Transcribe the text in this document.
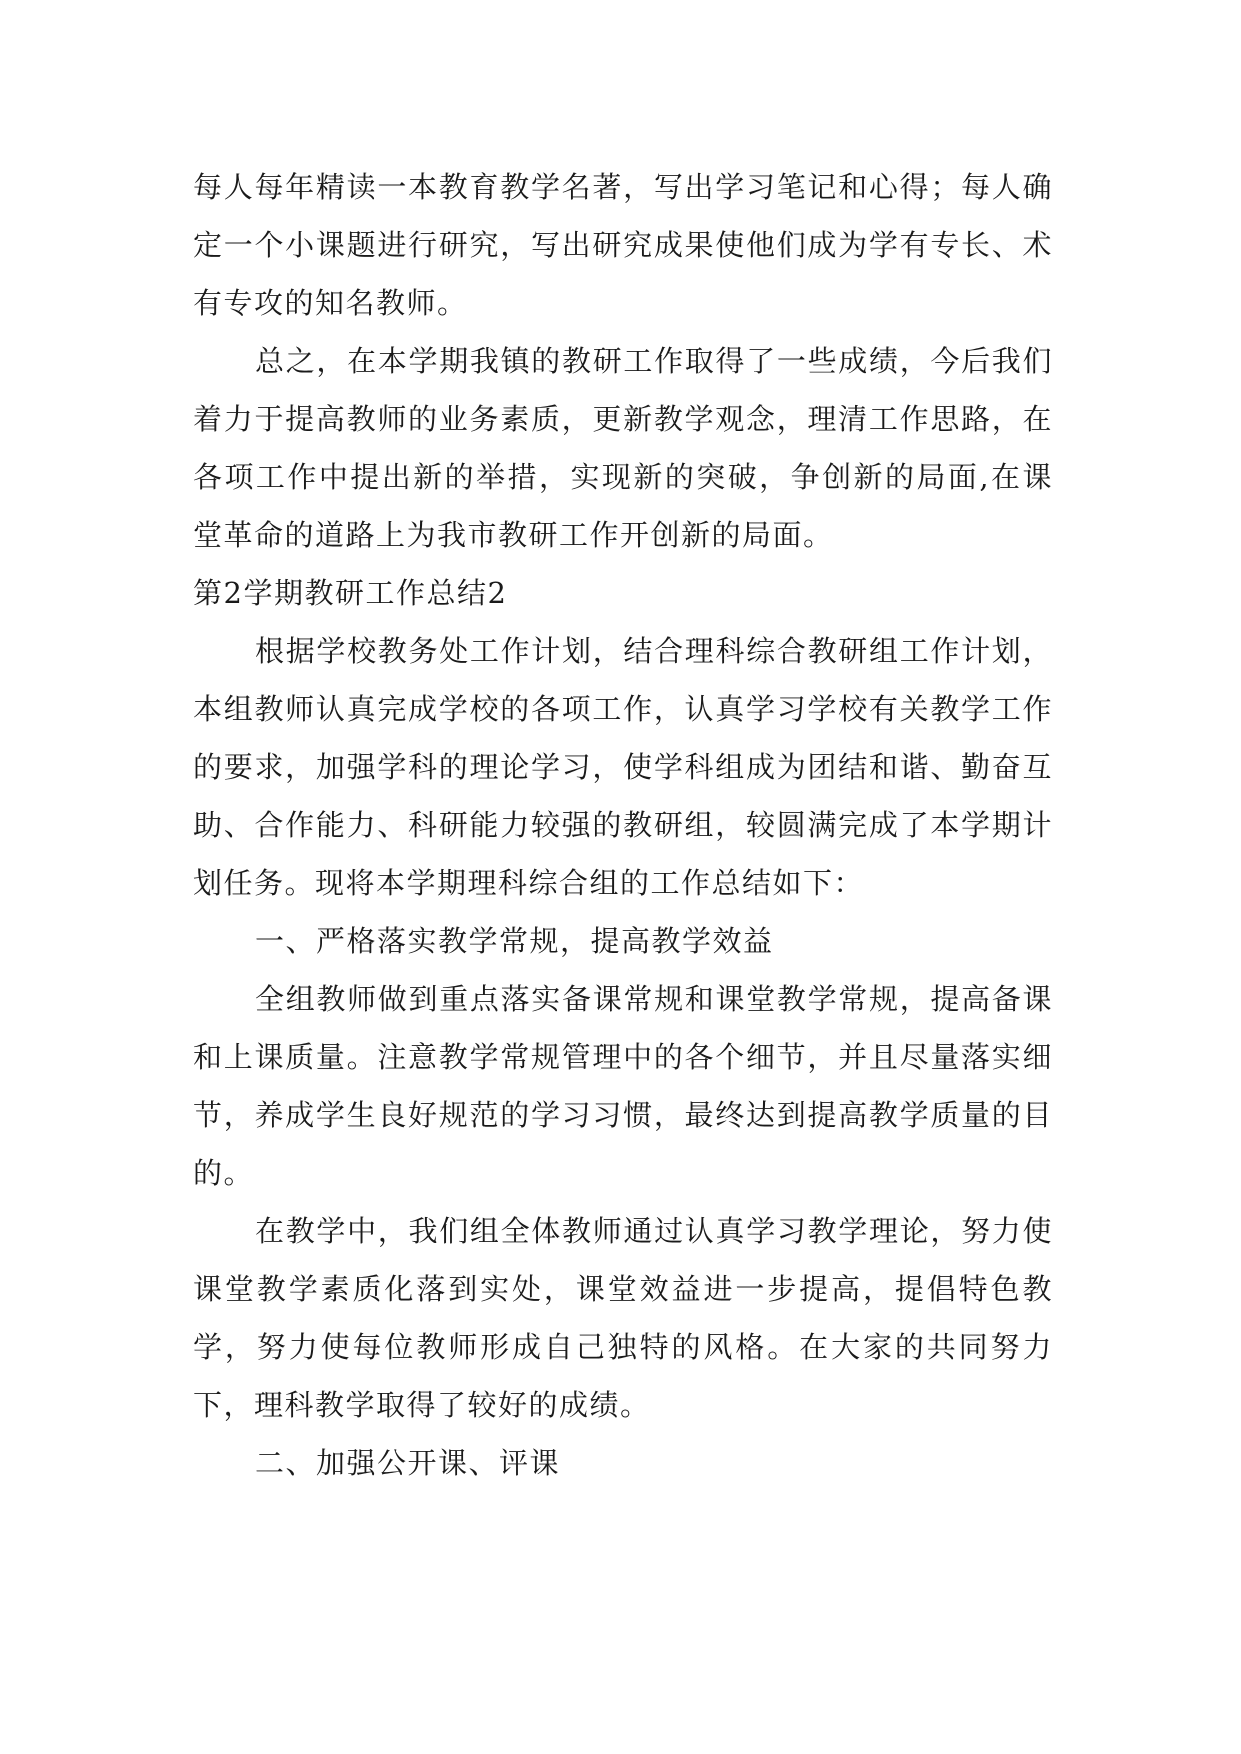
每人每年精读一本教育教学名著，写出学习笔记和心得；每人确定一个小课题进行研究，写出研究成果使他们成为学有专长、术有专攻的知名教师。

总之，在本学期我镇的教研工作取得了一些成绩，今后我们着力于提高教师的业务素质，更新教学观念，理清工作思路，在各项工作中提出新的举措，实现新的突破，争创新的局面,在课堂革命的道路上为我市教研工作开创新的局面。

第2学期教研工作总结2

根据学校教务处工作计划，结合理科综合教研组工作计划，本组教师认真完成学校的各项工作，认真学习学校有关教学工作的要求，加强学科的理论学习，使学科组成为团结和谐、勤奋互助、合作能力、科研能力较强的教研组，较圆满完成了本学期计划任务。现将本学期理科综合组的工作总结如下：

一、严格落实教学常规，提高教学效益

全组教师做到重点落实备课常规和课堂教学常规，提高备课和上课质量。注意教学常规管理中的各个细节，并且尽量落实细节，养成学生良好规范的学习习惯，最终达到提高教学质量的目的。

在教学中，我们组全体教师通过认真学习教学理论，努力使课堂教学素质化落到实处，课堂效益进一步提高，提倡特色教学，努力使每位教师形成自己独特的风格。在大家的共同努力下，理科教学取得了较好的成绩。

二、加强公开课、评课
